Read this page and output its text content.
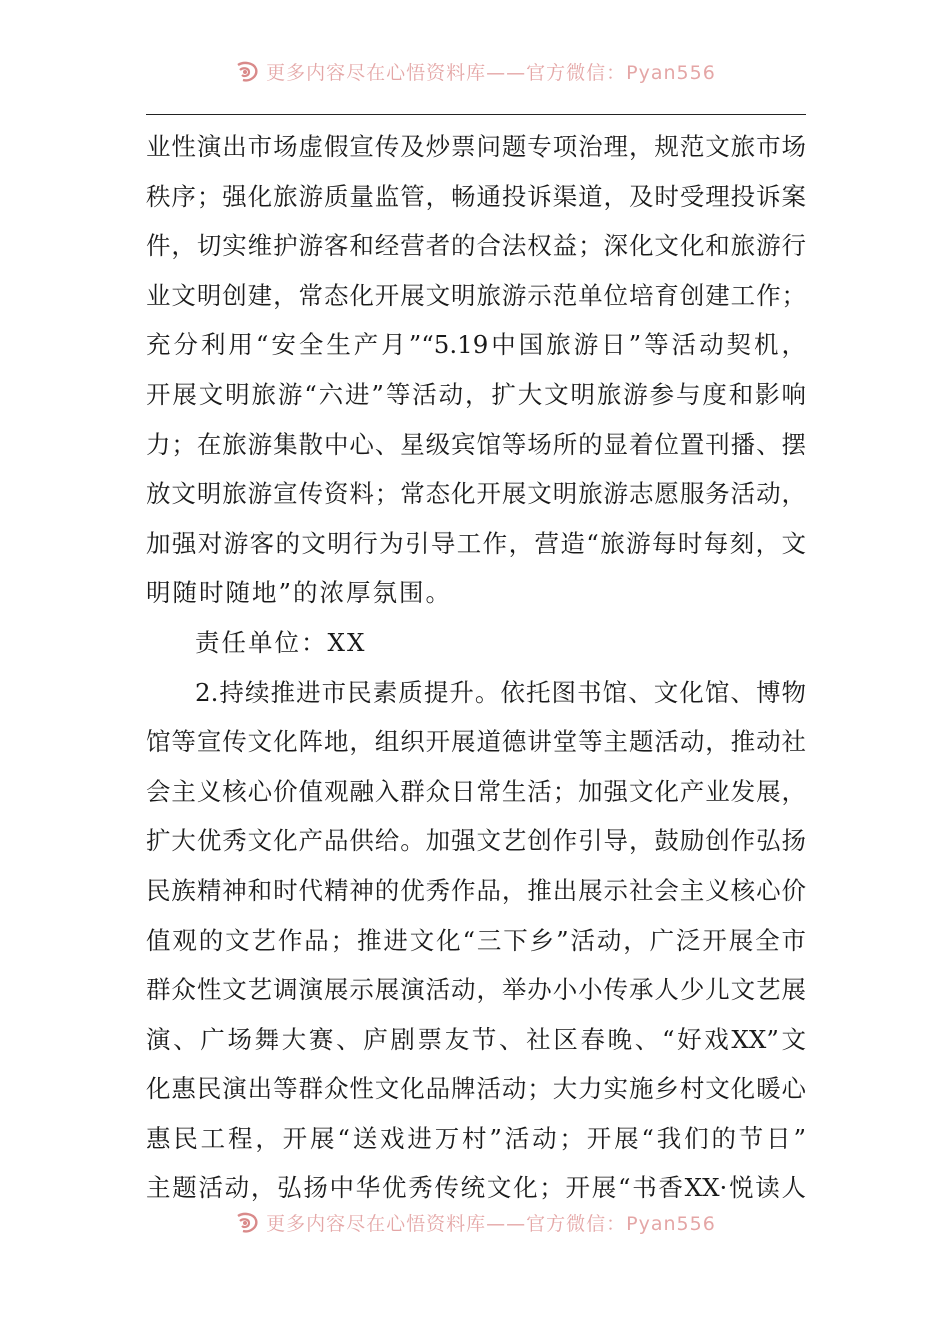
更多内容尽在心悟资料库——官方微信：Pyan556
业性演出市场虚假宣传及炒票问题专项治理，规范文旅市场
秩序；强化旅游质量监管，畅通投诉渠道，及时受理投诉案
件，切实维护游客和经营者的合法权益；深化文化和旅游行
业文明创建，常态化开展文明旅游示范单位培育创建工作；
充分利用“安全生产月”“5.19中国旅游日”等活动契机，
开展文明旅游“六进”等活动，扩大文明旅游参与度和影响
力；在旅游集散中心、星级宾馆等场所的显着位置刊播、摆
放文明旅游宣传资料；常态化开展文明旅游志愿服务活动，
加强对游客的文明行为引导工作，营造“旅游每时每刻，文
明随时随地”的浓厚氛围。
责任单位：XX
2.持续推进市民素质提升。依托图书馆、文化馆、博物
馆等宣传文化阵地，组织开展道德讲堂等主题活动，推动社
会主义核心价值观融入群众日常生活；加强文化产业发展，
扩大优秀文化产品供给。加强文艺创作引导，鼓励创作弘扬
民族精神和时代精神的优秀作品，推出展示社会主义核心价
值观的文艺作品；推进文化“三下乡”活动，广泛开展全市
群众性文艺调演展示展演活动，举办小小传承人少儿文艺展
演、广场舞大赛、庐剧票友节、社区春晚、“好戏XX”文
化惠民演出等群众性文化品牌活动；大力实施乡村文化暖心
惠民工程，开展“送戏进万村”活动；开展“我们的节日”
主题活动，弘扬中华优秀传统文化；开展“书香XX·悦读人
更多内容尽在心悟资料库——官方微信：Pyan556
